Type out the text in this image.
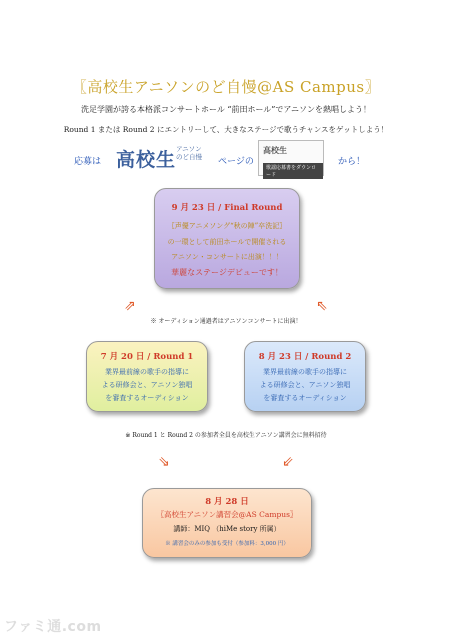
〖高校生アニソンのど自慢@AS Campus〗
洗足学園が誇る本格派コンサートホール “前田ホール”でアニソンを熱唱しよう！
Round 1 または Round 2 にエントリーして、大きなステージで歌うチャンスをゲットしよう！
応募は 高校生 アニソン
のど自慢 ページの
高校生
歌謡応募書をダウンロード
から！
9 月 23 日 / Final Round
〖声優アニメソング“秋の陣”卒洗記〗
の一環として前田ホールで開催される
アニソン・コンサートに出演！！！
華麗なステージデビューです！
⇗	⇖
※ オーディション通過者はアニソンコンサートに出演！
7 月 20 日 / Round 1
業界最前線の歌手の指導に
よる研修会と、アニソン独唱
を審査するオーディション
8 月 23 日 / Round 2
業界最前線の歌手の指導に
よる研修会と、アニソン独唱
を審査するオーディション
※ Round 1 と Round 2 の参加者全員を高校生アニソン講習会に無料招待
⇘	⇙
8 月 28 日
〖高校生アニソン講習会@AS Campus〗
講師：MIQ （hiMe story 所属）
※ 講習会のみの参加も受付（参加料：3,000 円）
ファミ通.com
